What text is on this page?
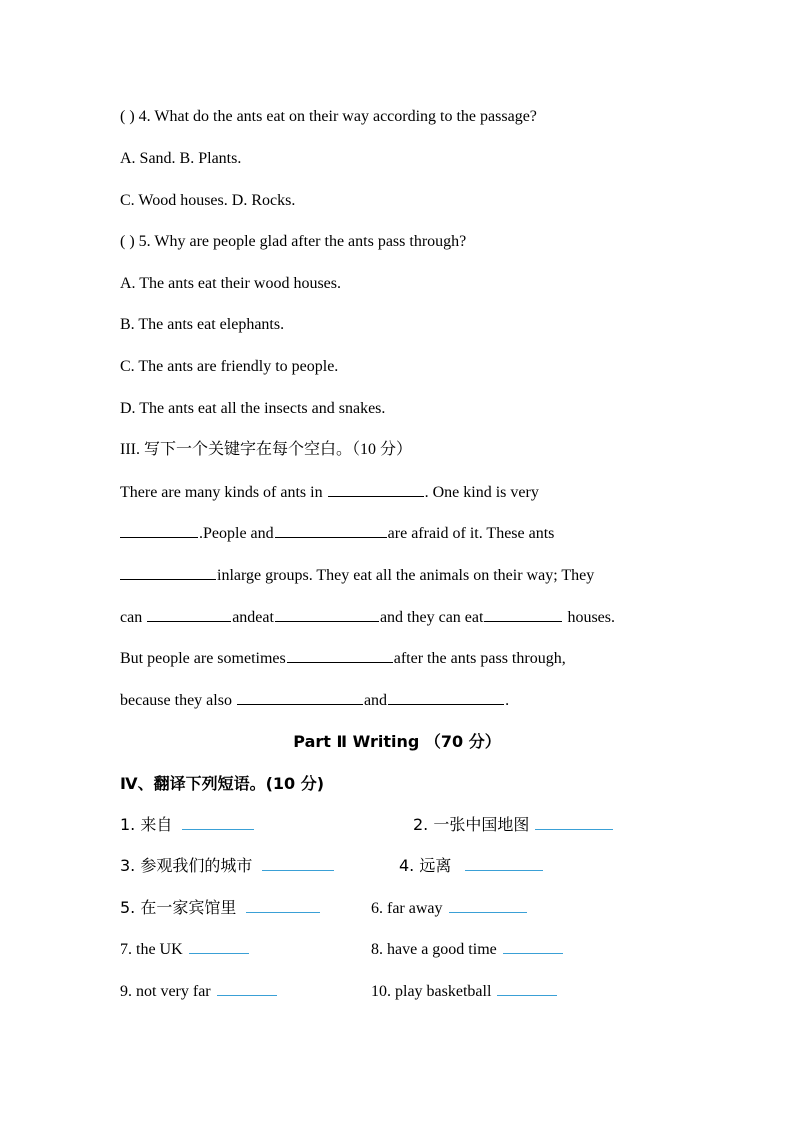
( ) 4. What do the ants eat on their way according to the passage?
A. Sand. B. Plants.
C. Wood houses. D. Rocks.
( ) 5. Why are people glad after the ants pass through?
A. The ants eat their wood houses.
B. The ants eat elephants.
C. The ants are friendly to people.
D. The ants eat all the insects and snakes.
III. 写下一个关键字在每个空白。（10 分）
There are many kinds of ants in	. One kind is very
.People and	are afraid of it. These ants
inlarge groups. They eat all the animals on their way; They
can	andeat	and they can eat	houses.
But people are sometimes	after the ants pass through,
because they also	and	.
Part Ⅱ Writing （70 分）
Ⅳ、翻译下列短语。(10 分)
1. 来自	2. 一张中国地图
3. 参观我们的城市	4. 远离
5. 在一家宾馆里	6. far away
7. the UK	8. have a good time
9. not very far	10. play basketball
